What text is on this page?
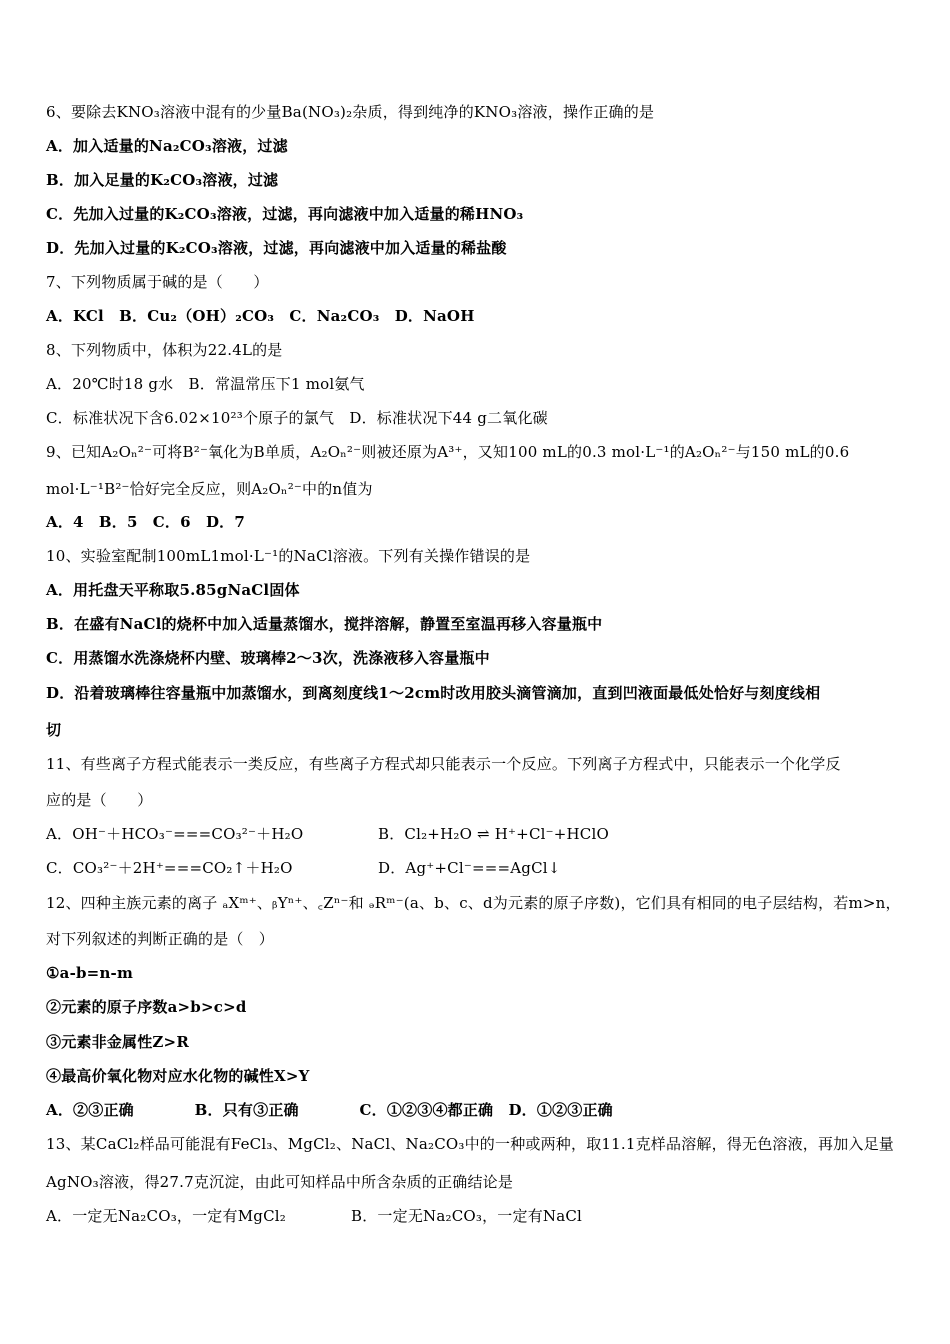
6、要除去KNO₃溶液中混有的少量Ba(NO₃)₂杂质，得到纯净的KNO₃溶液，操作正确的是
A．加入适量的Na₂CO₃溶液，过滤
B．加入足量的K₂CO₃溶液，过滤
C．先加入过量的K₂CO₃溶液，过滤，再向滤液中加入适量的稀HNO₃
D．先加入过量的K₂CO₃溶液，过滤，再向滤液中加入适量的稀盐酸
7、下列物质属于碱的是（　　）
A．KCl　B．Cu₂（OH）₂CO₃　C．Na₂CO₃　D．NaOH
8、下列物质中，体积为22.4L的是
A．20℃时18 g水　B．常温常压下1 mol氨气
C．标准状况下含6.02×10²³个原子的氯气　D．标准状况下44 g二氧化碳
9、已知A₂Oₙ²⁻可将B²⁻氧化为B单质，A₂Oₙ²⁻则被还原为A³⁺，又知100 mL的0.3 mol·L⁻¹的A₂Oₙ²⁻与150 mL的0.6
mol·L⁻¹B²⁻恰好完全反应，则A₂Oₙ²⁻中的n值为
A．4　B．5　C．6　D．7
10、实验室配制100mL1mol·L⁻¹的NaCl溶液。下列有关操作错误的是
A．用托盘天平称取5.85gNaCl固体
B．在盛有NaCl的烧杯中加入适量蒸馏水，搅拌溶解，静置至室温再移入容量瓶中
C．用蒸馏水洗涤烧杯内壁、玻璃棒2～3次，洗涤液移入容量瓶中
D．沿着玻璃棒往容量瓶中加蒸馏水，到离刻度线1～2cm时改用胶头滴管滴加，直到凹液面最低处恰好与刻度线相
切
11、有些离子方程式能表示一类反应，有些离子方程式却只能表示一个反应。下列离子方程式中，只能表示一个化学反
应的是（　　）
A．OH⁻＋HCO₃⁻===CO₃²⁻＋H₂O	B．Cl₂+H₂O ⇌ H⁺+Cl⁻+HClO
C．CO₃²⁻＋2H⁺===CO₂↑＋H₂O	D．Ag⁺+Cl⁻===AgCl↓
12、四种主族元素的离子 ₐXᵐ⁺、ᵦYⁿ⁺、꜀Zⁿ⁻和 ₔRᵐ⁻(a、b、c、d为元素的原子序数)，它们具有相同的电子层结构，若m>n，
对下列叙述的判断正确的是（　）
①a-b=n-m
②元素的原子序数a>b>c>d
③元素非金属性Z>R
④最高价氧化物对应水化物的碱性X>Y
A．②③正确　　　　B．只有③正确　　　　C．①②③④都正确　D．①②③正确
13、某CaCl₂样品可能混有FeCl₃、MgCl₂、NaCl、Na₂CO₃中的一种或两种，取11.1克样品溶解，得无色溶液，再加入足量
AgNO₃溶液，得27.7克沉淀，由此可知样品中所含杂质的正确结论是
A．一定无Na₂CO₃，一定有MgCl₂	B．一定无Na₂CO₃，一定有NaCl
